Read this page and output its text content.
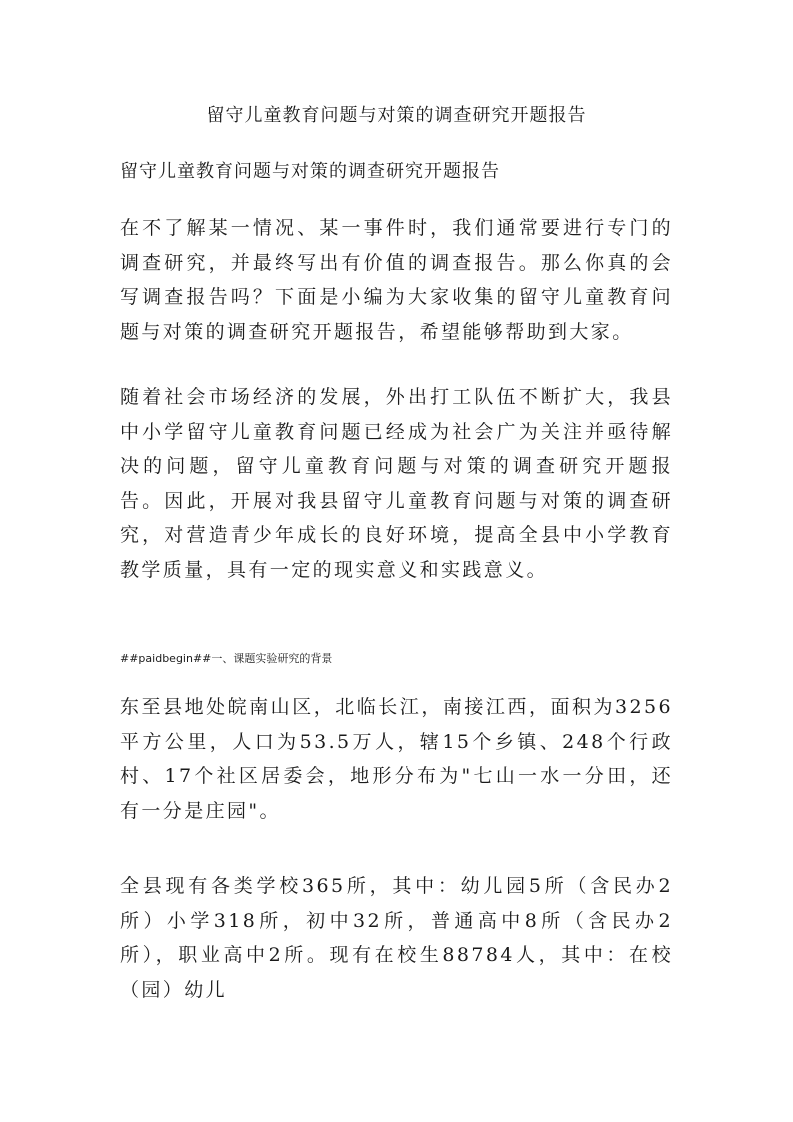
留守儿童教育问题与对策的调查研究开题报告
留守儿童教育问题与对策的调查研究开题报告

在不了解某一情况、某一事件时，我们通常要进行专门的调查研究，并最终写出有价值的调查报告。那么你真的会写调查报告吗？下面是小编为大家收集的留守儿童教育问题与对策的调查研究开题报告，希望能够帮助到大家。

随着社会市场经济的发展，外出打工队伍不断扩大，我县中小学留守儿童教育问题已经成为社会广为关注并亟待解决的问题，留守儿童教育问题与对策的调查研究开题报告。因此，开展对我县留守儿童教育问题与对策的调查研究，对营造青少年成长的良好环境，提高全县中小学教育教学质量，具有一定的现实意义和实践意义。

##paidbegin##一、课题实验研究的背景

东至县地处皖南山区，北临长江，南接江西，面积为3256平方公里，人口为53.5万人，辖15个乡镇、248个行政村、17个社区居委会，地形分布为"七山一水一分田，还有一分是庄园"。

全县现有各类学校365所，其中：幼儿园5所（含民办2所）小学318所，初中32所，普通高中8所（含民办2所），职业高中2所。现有在校生88784人，其中：在校（园）幼儿
